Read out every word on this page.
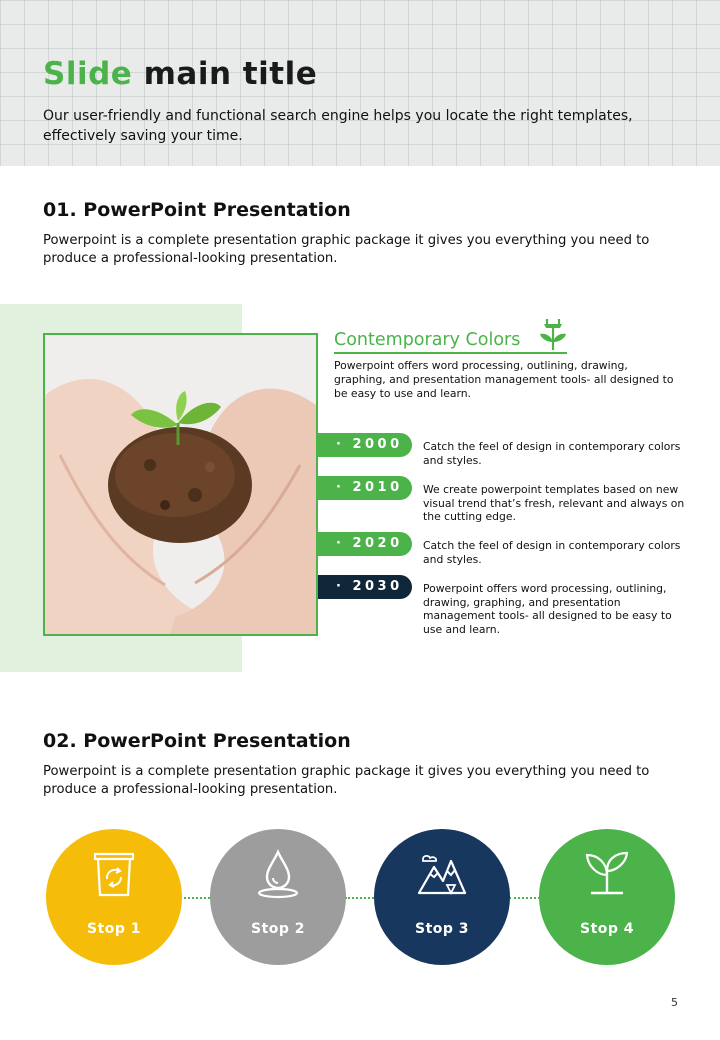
Slide main title

Our user-friendly and functional search engine helps you locate the right templates, effectively saving your time.

01. PowerPoint Presentation

Powerpoint is a complete presentation graphic package it gives you everything you need to produce a professional-looking presentation.

Contemporary Colors

Powerpoint offers word processing, outlining, drawing, graphing, and presentation management tools- all designed to be easy to use and learn.

· 2000	Catch the feel of design in contemporary colors and styles.

· 2010	We create powerpoint templates based on new visual trend that’s fresh, relevant and always on the cutting edge.

· 2020	Catch the feel of design in contemporary colors and styles.

· 2030	Powerpoint offers word processing, outlining, drawing, graphing, and presentation management tools- all designed to be easy to use and learn.

02. PowerPoint Presentation

Powerpoint is a complete presentation graphic package it gives you everything you need to produce a professional-looking presentation.

Stop 1	Stop 2	Stop 3	Stop 4
5
